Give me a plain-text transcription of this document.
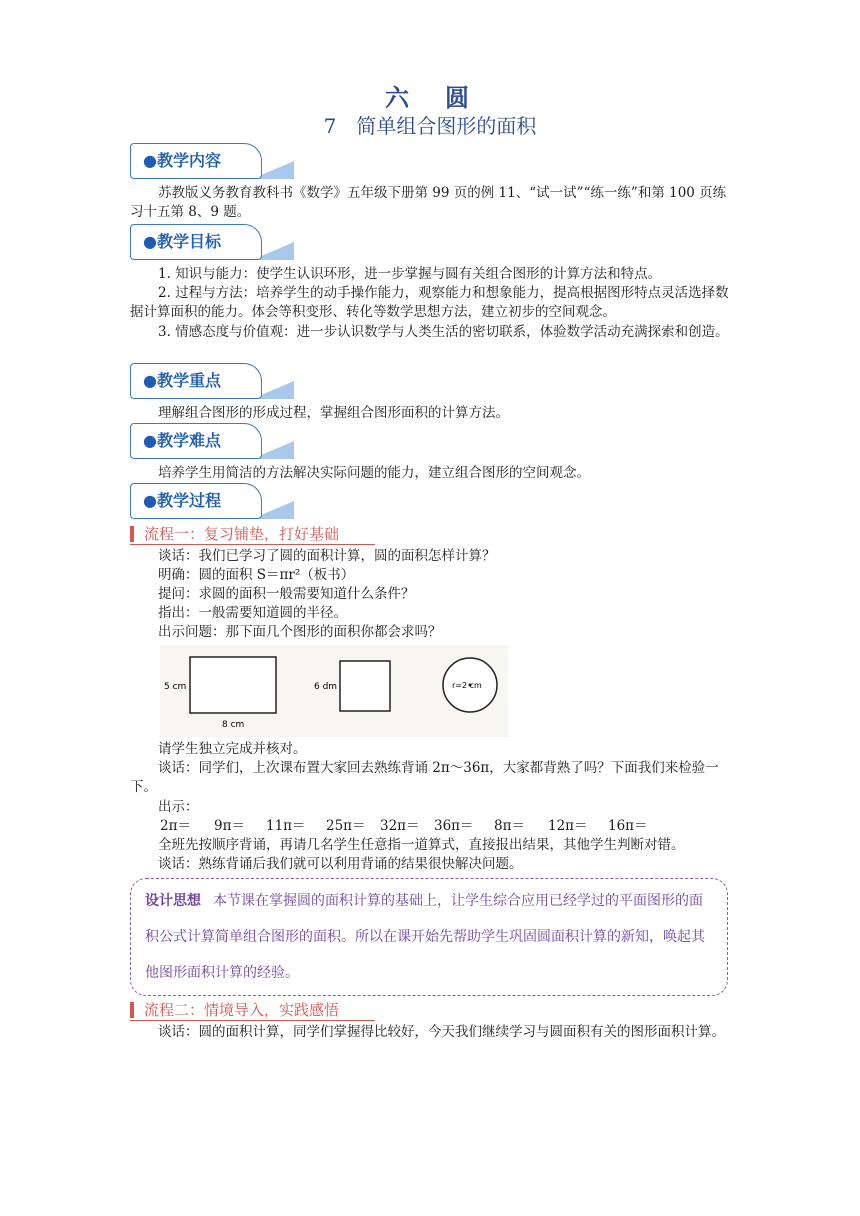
六　圆
7　简单组合图形的面积
●教学内容
苏教版义务教育教科书《数学》五年级下册第 99 页的例 11、“试一试”“练一练”和第 100 页练习十五第 8、9 题。
●教学目标
1. 知识与能力：使学生认识环形，进一步掌握与圆有关组合图形的计算方法和特点。
2. 过程与方法：培养学生的动手操作能力，观察能力和想象能力，提高根据图形特点灵活选择数据计算面积的能力。体会等积变形、转化等数学思想方法，建立初步的空间观念。
3. 情感态度与价值观：进一步认识数学与人类生活的密切联系，体验数学活动充满探索和创造。
●教学重点
理解组合图形的形成过程，掌握组合图形面积的计算方法。
●教学难点
培养学生用简洁的方法解决实际问题的能力，建立组合图形的空间观念。
●教学过程
流程一：复习铺垫，打好基础
谈话：我们已学习了圆的面积计算，圆的面积怎样计算？
明确：圆的面积 S＝πr²（板书）
提问：求圆的面积一般需要知道什么条件？
指出：一般需要知道圆的半径。
出示问题：那下面几个图形的面积你都会求吗？
5 cm
8 cm
6 dm	r=2 cm
请学生独立完成并核对。
谈话：同学们，上次课布置大家回去熟练背诵 2π～36π，大家都背熟了吗？下面我们来检验一下。
出示：
2π＝ 9π＝ 11π＝ 25π＝ 32π＝ 36π＝ 8π＝ 12π＝ 16π＝
全班先按顺序背诵，再请几名学生任意指一道算式，直接报出结果，其他学生判断对错。
谈话：熟练背诵后我们就可以利用背诵的结果很快解决问题。

设计思想 本节课在掌握圆的面积计算的基础上，让学生综合应用已经学过的平面图形的面积公式计算简单组合图形的面积。所以在课开始先帮助学生巩固圆面积计算的新知，唤起其他图形面积计算的经验。

流程二：情境导入，实践感悟
谈话：圆的面积计算，同学们掌握得比较好，今天我们继续学习与圆面积有关的图形面积计算。
